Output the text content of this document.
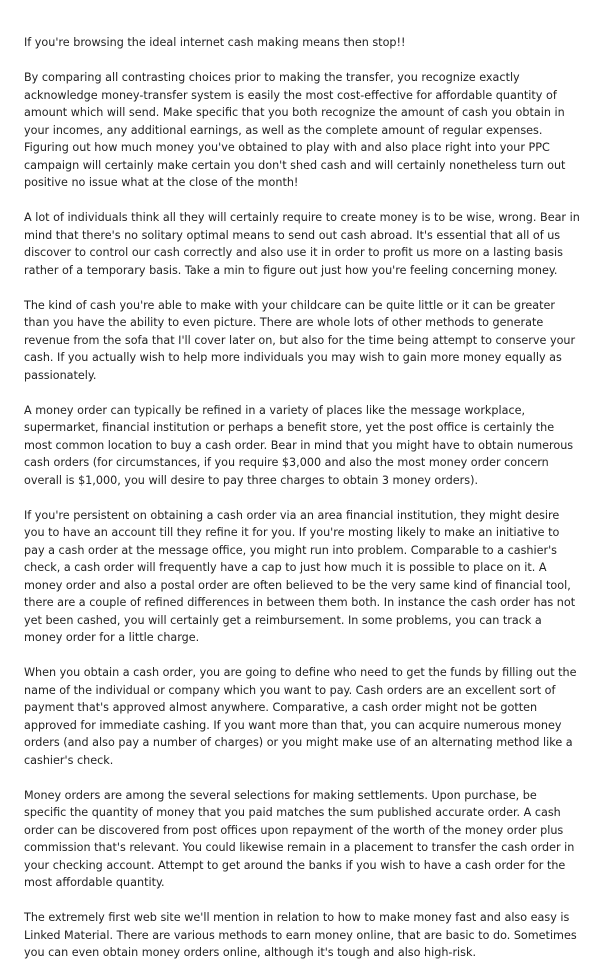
If you're browsing the ideal internet cash making means then stop!!

By comparing all contrasting choices prior to making the transfer, you recognize exactly acknowledge money-transfer system is easily the most cost-effective for affordable quantity of amount which will send. Make specific that you both recognize the amount of cash you obtain in your incomes, any additional earnings, as well as the complete amount of regular expenses. Figuring out how much money you've obtained to play with and also place right into your PPC campaign will certainly make certain you don't shed cash and will certainly nonetheless turn out positive no issue what at the close of the month!

A lot of individuals think all they will certainly require to create money is to be wise, wrong. Bear in mind that there's no solitary optimal means to send out cash abroad. It's essential that all of us discover to control our cash correctly and also use it in order to profit us more on a lasting basis rather of a temporary basis. Take a min to figure out just how you're feeling concerning money.

The kind of cash you're able to make with your childcare can be quite little or it can be greater than you have the ability to even picture. There are whole lots of other methods to generate revenue from the sofa that I'll cover later on, but also for the time being attempt to conserve your cash. If you actually wish to help more individuals you may wish to gain more money equally as passionately.

A money order can typically be refined in a variety of places like the message workplace, supermarket, financial institution or perhaps a benefit store, yet the post office is certainly the most common location to buy a cash order. Bear in mind that you might have to obtain numerous cash orders (for circumstances, if you require $3,000 and also the most money order concern overall is $1,000, you will desire to pay three charges to obtain 3 money orders).

If you're persistent on obtaining a cash order via an area financial institution, they might desire you to have an account till they refine it for you. If you're mosting likely to make an initiative to pay a cash order at the message office, you might run into problem. Comparable to a cashier's check, a cash order will frequently have a cap to just how much it is possible to place on it. A money order and also a postal order are often believed to be the very same kind of financial tool, there are a couple of refined differences in between them both. In instance the cash order has not yet been cashed, you will certainly get a reimbursement. In some problems, you can track a money order for a little charge.

When you obtain a cash order, you are going to define who need to get the funds by filling out the name of the individual or company which you want to pay. Cash orders are an excellent sort of payment that's approved almost anywhere. Comparative, a cash order might not be gotten approved for immediate cashing. If you want more than that, you can acquire numerous money orders (and also pay a number of charges) or you might make use of an alternating method like a cashier's check.

Money orders are among the several selections for making settlements. Upon purchase, be specific the quantity of money that you paid matches the sum published accurate order. A cash order can be discovered from post offices upon repayment of the worth of the money order plus commission that's relevant. You could likewise remain in a placement to transfer the cash order in your checking account. Attempt to get around the banks if you wish to have a cash order for the most affordable quantity.

The extremely first web site we'll mention in relation to how to make money fast and also easy is Linked Material. There are various methods to earn money online, that are basic to do. Sometimes you can even obtain money orders online, although it's tough and also high-risk.
